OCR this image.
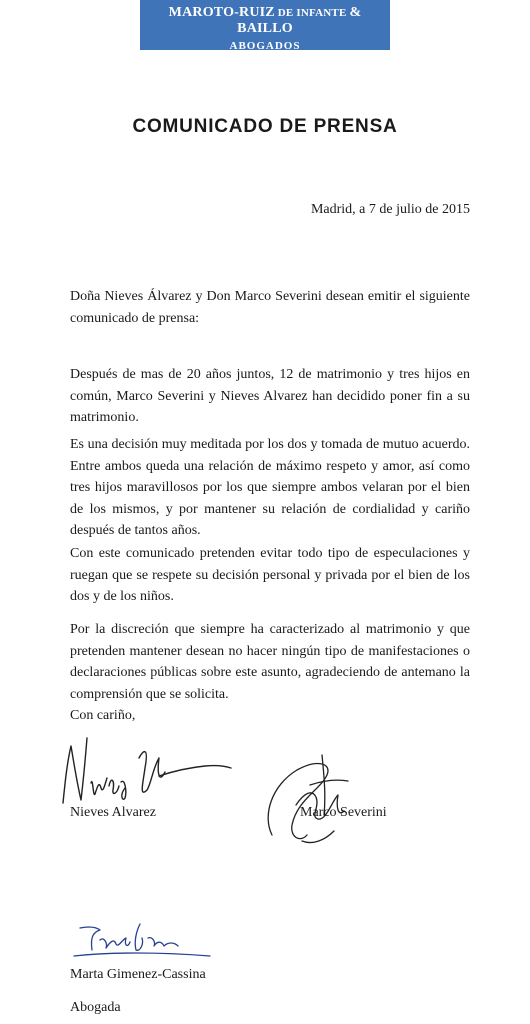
MAROTO-RUIZ DE INFANTE & BAILLO
ABOGADOS
COMUNICADO DE PRENSA
Madrid, a 7 de julio de 2015
Doña Nieves Álvarez y Don Marco Severini desean emitir el siguiente comunicado de prensa:
Después de mas de 20 años juntos, 12 de matrimonio y tres hijos en común, Marco Severini y Nieves Alvarez han decidido poner fin a su matrimonio.
Es una decisión muy meditada por los dos y tomada de mutuo acuerdo. Entre ambos queda una relación de máximo respeto y amor, así como tres hijos maravillosos por los que siempre ambos velaran por el bien de los mismos, y por mantener su relación de cordialidad y cariño después de tantos años.
Con este comunicado pretenden evitar todo tipo de especulaciones y ruegan que se respete su decisión personal y privada por el bien de los dos y de los niños.
Por la discreción que siempre ha caracterizado al matrimonio y que pretenden mantener desean no hacer ningún tipo de manifestaciones o declaraciones públicas sobre este asunto, agradeciendo de antemano la comprensión que se solicita.
Con cariño,
Nieves Alvarez	Marco Severini
Marta Gimenez-Cassina
Abogada
